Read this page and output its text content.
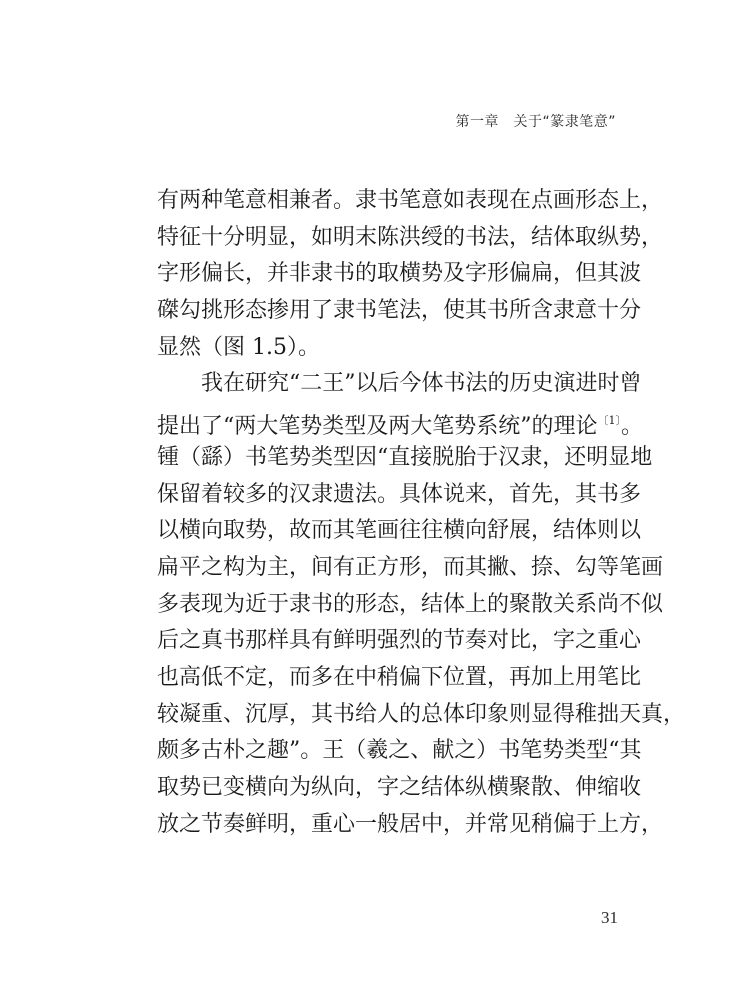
第一章　关于“篆隶笔意”
有两种笔意相兼者。隶书笔意如表现在点画形态上，
特征十分明显，如明末陈洪绶的书法，结体取纵势，
字形偏长，并非隶书的取横势及字形偏扁，但其波
磔勾挑形态掺用了隶书笔法，使其书所含隶意十分
显然（图 1.5）。
我在研究“二王”以后今体书法的历史演进时曾
提出了“两大笔势类型及两大笔势系统”的理论$^{〔1〕}$。
锺（繇）书笔势类型因“直接脱胎于汉隶，还明显地
保留着较多的汉隶遗法。具体说来，首先，其书多
以横向取势，故而其笔画往往横向舒展，结体则以
扁平之构为主，间有正方形，而其撇、捺、勾等笔画
多表现为近于隶书的形态，结体上的聚散关系尚不似
后之真书那样具有鲜明强烈的节奏对比，字之重心
也高低不定，而多在中稍偏下位置，再加上用笔比
较凝重、沉厚，其书给人的总体印象则显得稚拙天真，
颇多古朴之趣”。王（羲之、献之）书笔势类型“其
取势已变横向为纵向，字之结体纵横聚散、伸缩收
放之节奏鲜明，重心一般居中，并常见稍偏于上方，
31
